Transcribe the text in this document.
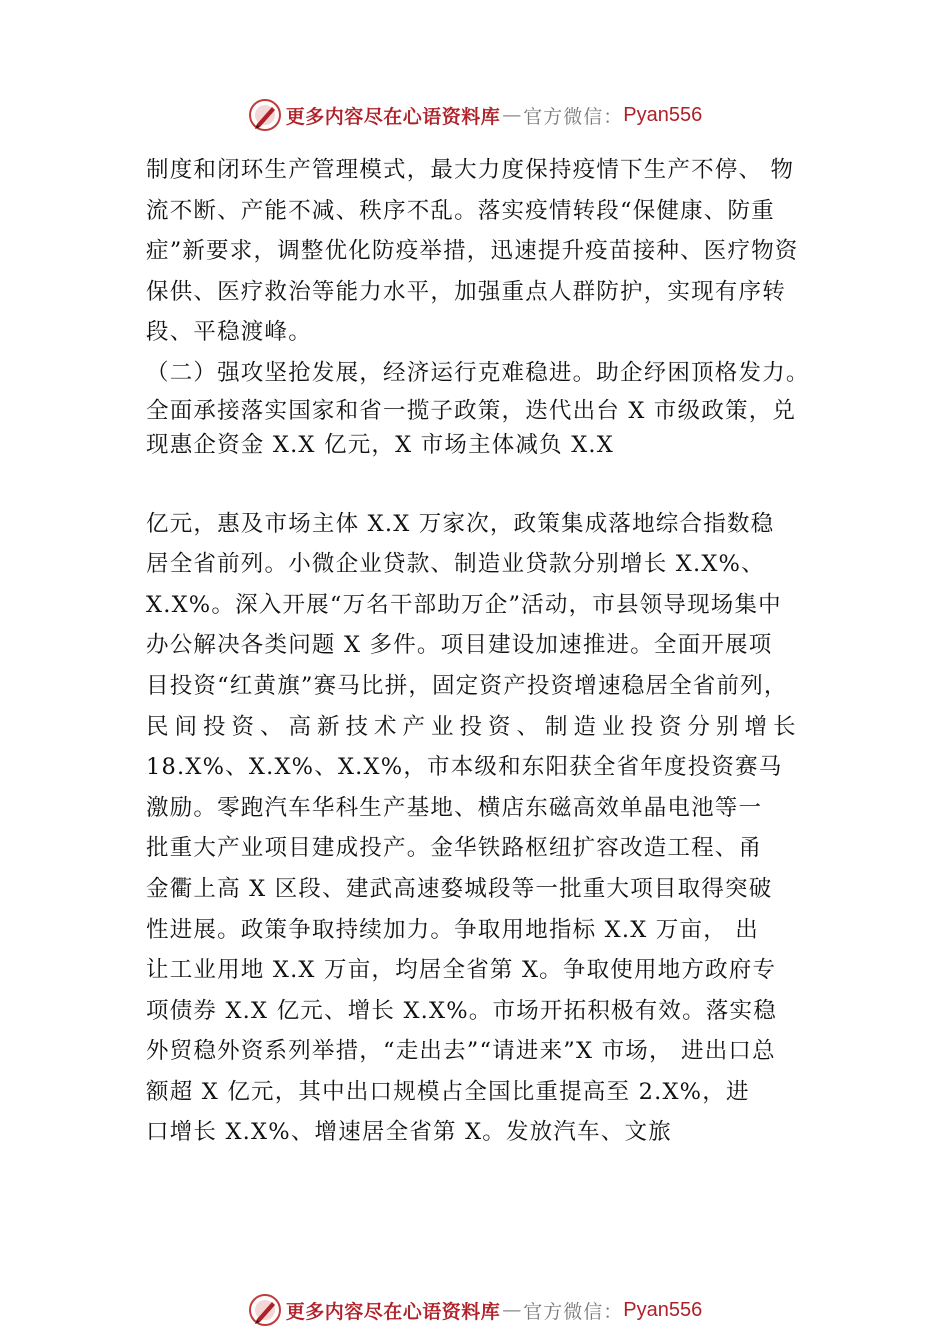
更多内容尽在心语资料库 — 官方微信： Pyan556
制度和闭环生产管理模式，最大力度保持疫情下生产不停、 物
流不断、产能不减、秩序不乱。落实疫情转段“保健康、防重
症”新要求，调整优化防疫举措，迅速提升疫苗接种、医疗物资
保供、医疗救治等能力水平，加强重点人群防护，实现有序转
段、平稳渡峰。
（二）强攻坚抢发展，经济运行克难稳进。助企纾困顶格发力。
全面承接落实国家和省一揽子政策，迭代出台 X 市级政策，兑
现惠企资金 X.X 亿元，X 市场主体减负 X.X
亿元，惠及市场主体 X.X 万家次，政策集成落地综合指数稳
居全省前列。小微企业贷款、制造业贷款分别增长 X.X%、
X.X%。深入开展“万名干部助万企”活动，市县领导现场集中
办公解决各类问题 X 多件。项目建设加速推进。全面开展项
目投资“红黄旗”赛马比拼，固定资产投资增速稳居全省前列，
民间投资、高新技术产业投资、制造业投资分别增长
18.X%、X.X%、X.X%，市本级和东阳获全省年度投资赛马
激励。零跑汽车华科生产基地、横店东磁高效单晶电池等一
批重大产业项目建成投产。金华铁路枢纽扩容改造工程、甬
金衢上高 X 区段、建武高速婺城段等一批重大项目取得突破
性进展。政策争取持续加力。争取用地指标 X.X 万亩， 出
让工业用地 X.X 万亩，均居全省第 X。争取使用地方政府专
项债券 X.X 亿元、增长 X.X%。市场开拓积极有效。落实稳
外贸稳外资系列举措，“走出去”“请进来”X 市场， 进出口总
额超 X 亿元，其中出口规模占全国比重提高至 2.X%，进
口增长 X.X%、增速居全省第 X。发放汽车、文旅
更多内容尽在心语资料库 — 官方微信： Pyan556
